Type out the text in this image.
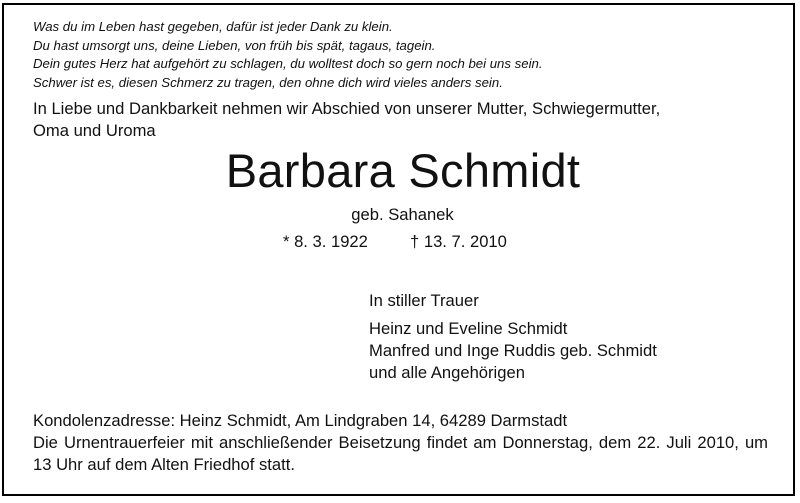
Was du im Leben hast gegeben, dafür ist jeder Dank zu klein.
Du hast umsorgt uns, deine Lieben, von früh bis spät, tagaus, tagein.
Dein gutes Herz hat aufgehört zu schlagen, du wolltest doch so gern noch bei uns sein.
Schwer ist es, diesen Schmerz zu tragen, den ohne dich wird vieles anders sein.
In Liebe und Dankbarkeit nehmen wir Abschied von unserer Mutter, Schwiegermutter,
Oma und Uroma
Barbara Schmidt
geb. Sahanek
* 8. 3. 1922	† 13. 7. 2010
In stiller Trauer
Heinz und Eveline Schmidt
Manfred und Inge Ruddis geb. Schmidt
und alle Angehörigen
Kondolenzadresse: Heinz Schmidt, Am Lindgraben 14, 64289 Darmstadt
Die Urnentrauerfeier mit anschließender Beisetzung findet am Donnerstag, dem 22. Juli 2010, um 13 Uhr auf dem Alten Friedhof statt.
